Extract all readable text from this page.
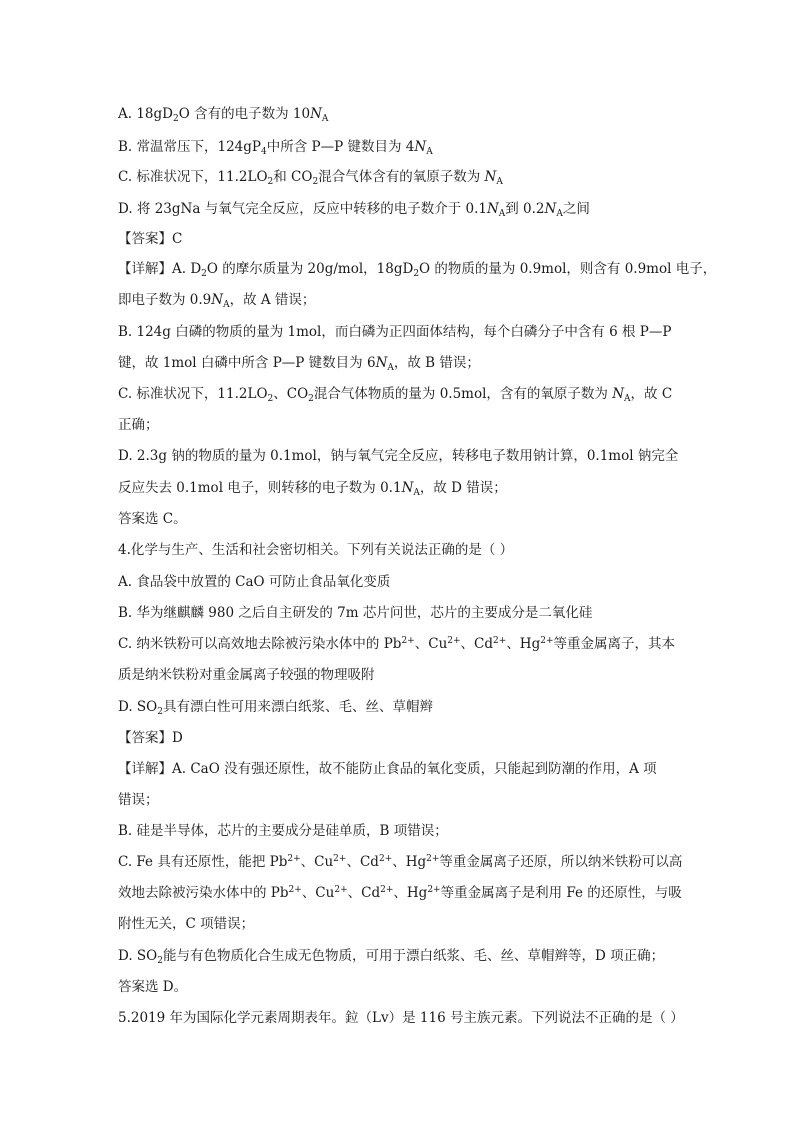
A. $18gD_2O$ 含有的电子数为 $10N_A$
B. 常温常压下，$124gP_4$中所含 P—P 键数目为 $4N_A$
C. 标准状况下，$11.2LO_2$和 $CO_2$混合气体含有的氧原子数为 $N_A$
D. 将 23gNa 与氧气完全反应，反应中转移的电子数介于 $0.1N_A$到 $0.2N_A$之间
【答案】C
【详解】A. $D_2O$ 的摩尔质量为 20g/mol，$18gD_2O$ 的物质的量为 0.9mol，则含有 0.9mol 电子，
即电子数为 $0.9N_A$，故 A 错误；
B. 124g 白磷的物质的量为 1mol，而白磷为正四面体结构，每个白磷分子中含有 6 根 P—P
键，故 1mol 白磷中所含 P—P 键数目为 $6N_A$，故 B 错误；
C. 标准状况下，$11.2LO_2$、$CO_2$混合气体物质的量为 0.5mol，含有的氧原子数为 $N_A$，故 C
正确；
D. 2.3g 钠的物质的量为 0.1mol，钠与氧气完全反应，转移电子数用钠计算，0.1mol 钠完全
反应失去 0.1mol 电子，则转移的电子数为 $0.1N_A$，故 D 错误；
答案选 C。
4.化学与生产、生活和社会密切相关。下列有关说法正确的是（ ）
A. 食品袋中放置的 CaO 可防止食品氧化变质
B. 华为继麒麟 980 之后自主研发的 7m 芯片问世，芯片的主要成分是二氧化硅
C. 纳米铁粉可以高效地去除被污染水体中的 $Pb^{2+}$、$Cu^{2+}$、$Cd^{2+}$、$Hg^{2+}$等重金属离子，其本
质是纳米铁粉对重金属离子较强的物理吸附
D. $SO_2$具有漂白性可用来漂白纸浆、毛、丝、草帽辫
【答案】D
【详解】A. CaO 没有强还原性，故不能防止食品的氧化变质，只能起到防潮的作用，A 项
错误；
B. 硅是半导体，芯片的主要成分是硅单质，B 项错误；
C. Fe 具有还原性，能把 $Pb^{2+}$、$Cu^{2+}$、$Cd^{2+}$、$Hg^{2+}$等重金属离子还原，所以纳米铁粉可以高
效地去除被污染水体中的 $Pb^{2+}$、$Cu^{2+}$、$Cd^{2+}$、$Hg^{2+}$等重金属离子是利用 Fe 的还原性，与吸
附性无关，C 项错误；
D. $SO_2$能与有色物质化合生成无色物质，可用于漂白纸浆、毛、丝、草帽辫等，D 项正确；
答案选 D。
5.2019 年为国际化学元素周期表年。鉝（Lv）是 116 号主族元素。下列说法不正确的是（ ）
